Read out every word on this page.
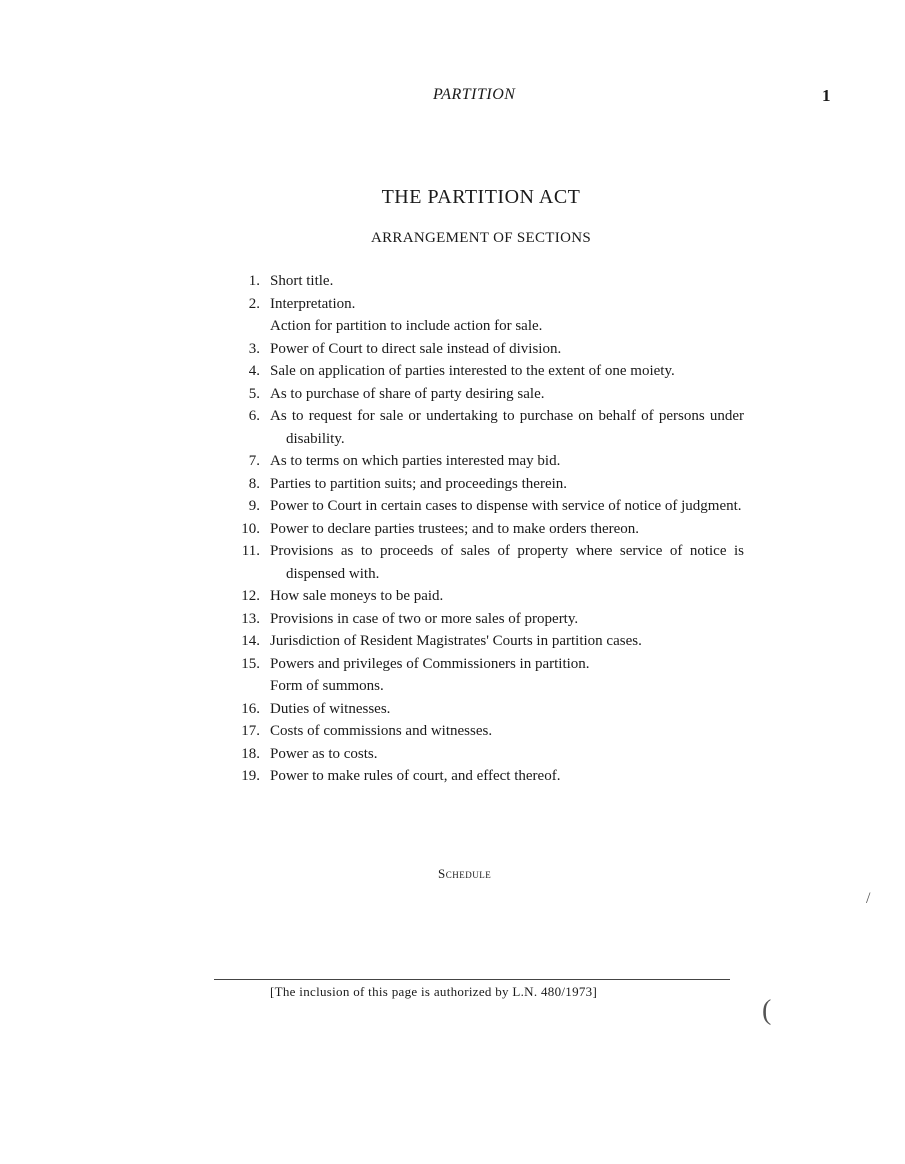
PARTITION	1
THE PARTITION ACT
ARRANGEMENT OF SECTIONS
1. Short title.
2. Interpretation.
Action for partition to include action for sale.
3. Power of Court to direct sale instead of division.
4. Sale on application of parties interested to the extent of one moiety.
5. As to purchase of share of party desiring sale.
6. As to request for sale or undertaking to purchase on behalf of persons under disability.
7. As to terms on which parties interested may bid.
8. Parties to partition suits; and proceedings therein.
9. Power to Court in certain cases to dispense with service of notice of judgment.
10. Power to declare parties trustees; and to make orders thereon.
11. Provisions as to proceeds of sales of property where service of notice is dispensed with.
12. How sale moneys to be paid.
13. Provisions in case of two or more sales of property.
14. Jurisdiction of Resident Magistrates' Courts in partition cases.
15. Powers and privileges of Commissioners in partition.
Form of summons.
16. Duties of witnesses.
17. Costs of commissions and witnesses.
18. Power as to costs.
19. Power to make rules of court, and effect thereof.
Schedule
[The inclusion of this page is authorized by L.N. 480/1973]
/
(
